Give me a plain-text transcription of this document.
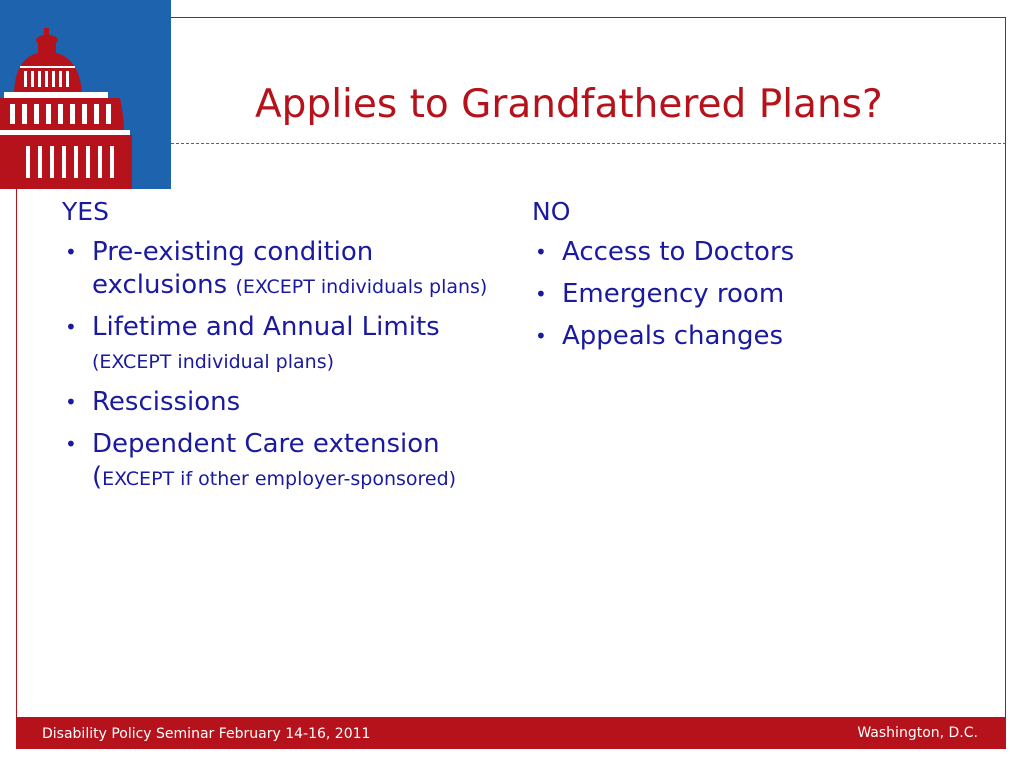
Applies to Grandfathered Plans?
YES
• Pre-existing condition exclusions (EXCEPT individuals plans)
• Lifetime and Annual Limits
(EXCEPT individual plans)
• Rescissions
• Dependent Care extension (EXCEPT if other employer-sponsored)
NO
• Access to Doctors
• Emergency room
• Appeals changes
Disability Policy Seminar February 14-16, 2011	Washington, D.C.
